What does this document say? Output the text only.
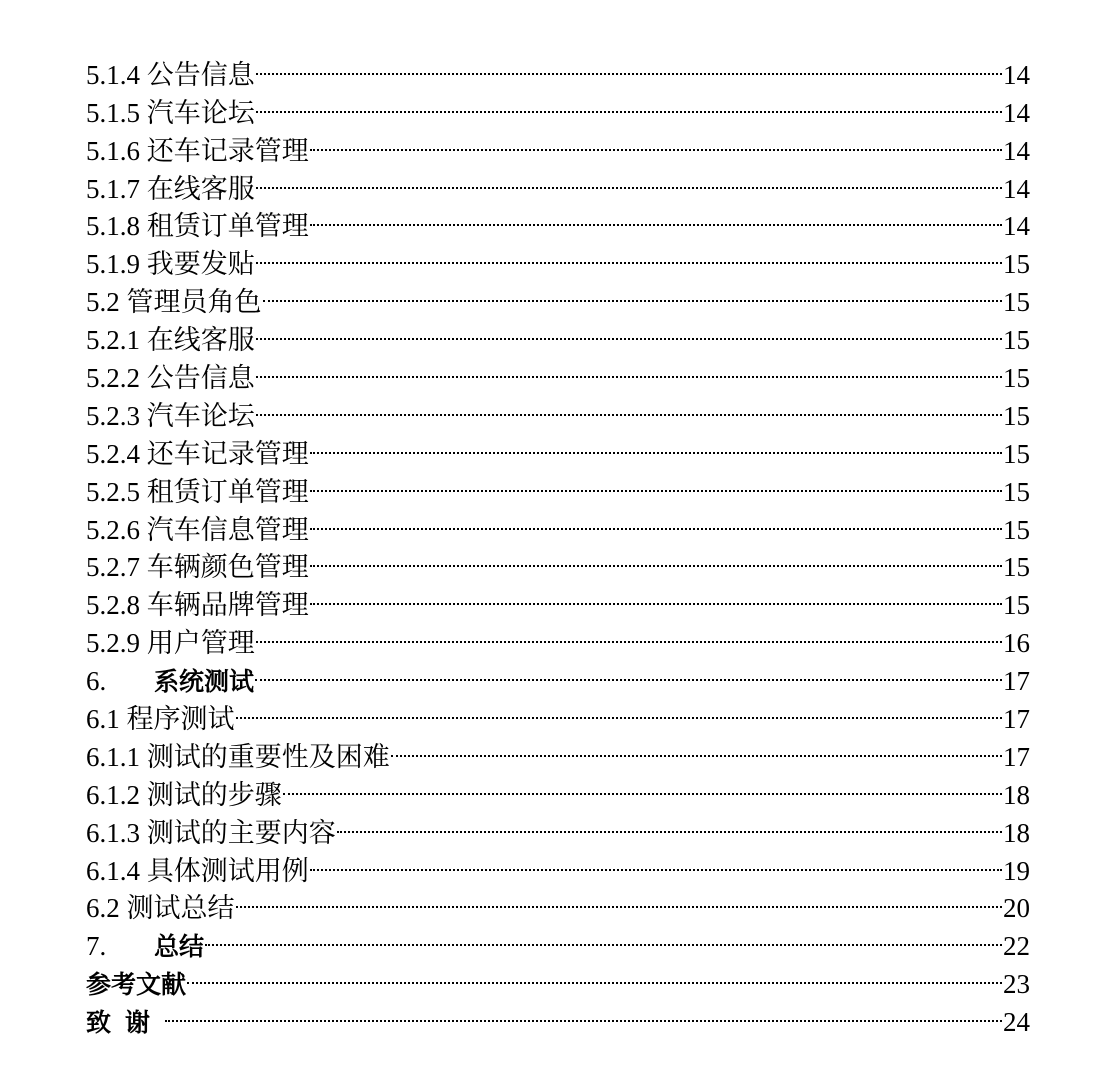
5.1.4 公告信息	14
5.1.5 汽车论坛	14
5.1.6 还车记录管理	14
5.1.7 在线客服	14
5.1.8 租赁订单管理	14
5.1.9 我要发贴	15
5.2 管理员角色	15
5.2.1 在线客服	15
5.2.2 公告信息	15
5.2.3 汽车论坛	15
5.2.4 还车记录管理	15
5.2.5 租赁订单管理	15
5.2.6 汽车信息管理	15
5.2.7 车辆颜色管理	15
5.2.8 车辆品牌管理	15
5.2.9 用户管理	16
6.	系统测试	17
6.1 程序测试	17
6.1.1 测试的重要性及困难	17
6.1.2 测试的步骤	18
6.1.3 测试的主要内容	18
6.1.4 具体测试用例	19
6.2 测试总结	20
7.	总结	22
参考文献	23
致谢	24
